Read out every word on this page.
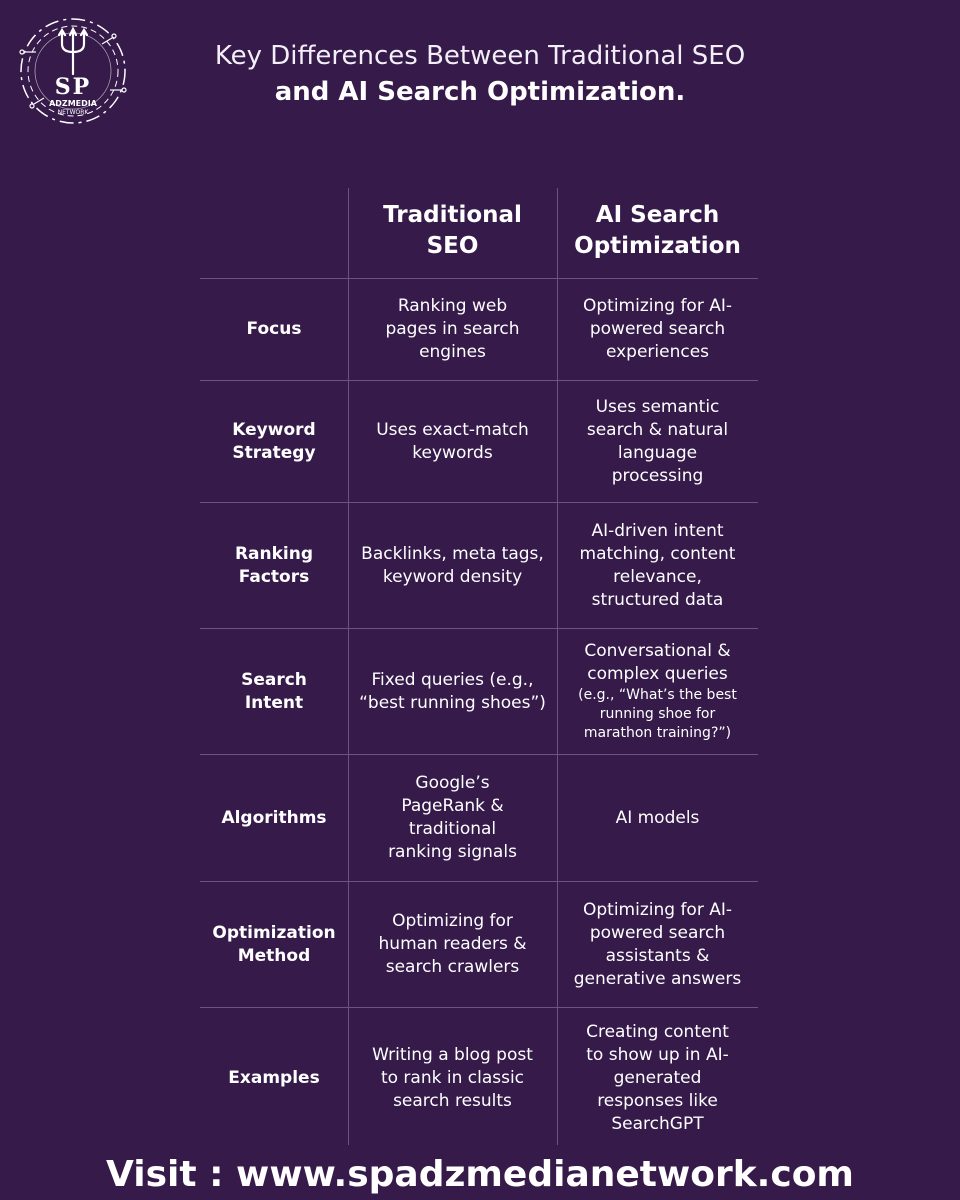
SP
ADZMEDIA
NETWORK
Key Differences Between Traditional SEO
and AI Search Optimization.
Traditional SEO
AI Search Optimization
Focus
Ranking web pages in search engines
Optimizing for AI-powered search experiences
Keyword Strategy
Uses exact-match keywords
Uses semantic search & natural language processing
Ranking Factors
Backlinks, meta tags, keyword density
AI-driven intent matching, content relevance, structured data
Search Intent
Fixed queries (e.g., “best running shoes”)
Conversational & complex queries
(e.g., “What’s the best running shoe for marathon training?”)
Algorithms
Google’s PageRank & traditional ranking signals
AI models
Optimization Method
Optimizing for human readers & search crawlers
Optimizing for AI-powered search assistants & generative answers
Examples
Writing a blog post to rank in classic search results
Creating content to show up in AI-generated responses like SearchGPT
Visit : www.spadzmedianetwork.com
